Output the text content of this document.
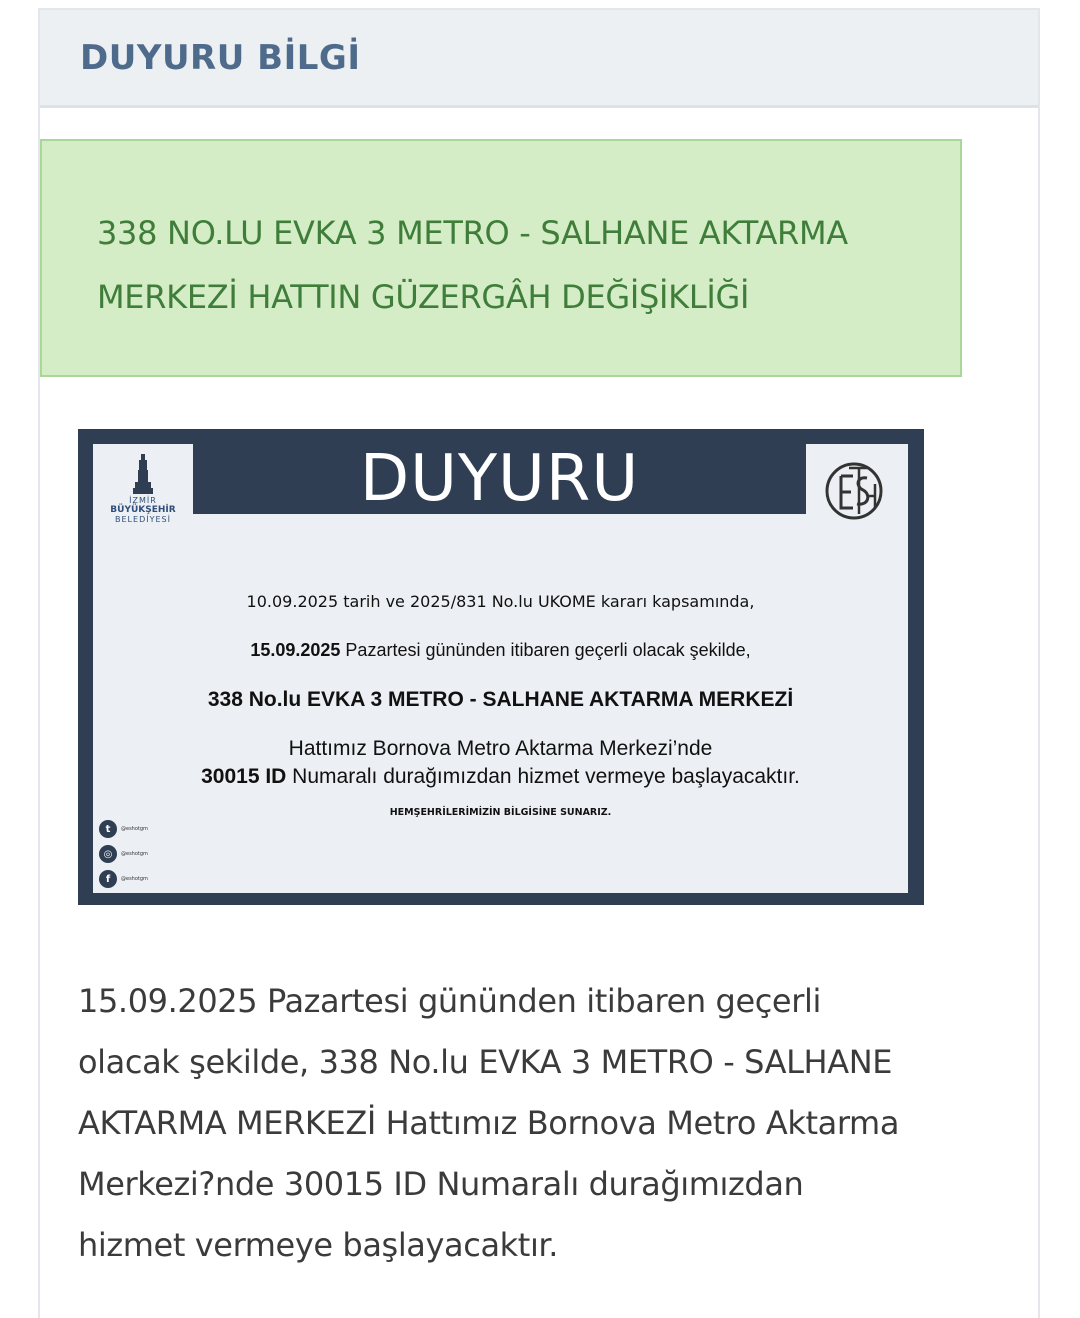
DUYURU BİLGİ

338 NO.LU EVKA 3 METRO - SALHANE AKTARMA MERKEZİ HATTIN GÜZERGÂH DEĞİŞİKLİĞİ

DUYURU
İZMİR
BÜYÜKŞEHİR
BELEDİYESİ
10.09.2025 tarih ve 2025/831 No.lu UKOME kararı kapsamında,
15.09.2025 Pazartesi gününden itibaren geçerli olacak şekilde,
338 No.lu EVKA 3 METRO - SALHANE AKTARMA MERKEZİ
Hattımız Bornova Metro Aktarma Merkezi’nde
30015 ID Numaralı durağımızdan hizmet vermeye başlayacaktır.
HEMŞEHRİLERİMİZİN BİLGİSİNE SUNARIZ.
t	@eshotgm
◎	@eshotgm
f	@eshotgm

15.09.2025 Pazartesi gününden itibaren geçerli olacak şekilde, 338 No.lu EVKA 3 METRO - SALHANE AKTARMA MERKEZİ Hattımız Bornova Metro Aktarma Merkezi?nde 30015 ID Numaralı durağımızdan hizmet vermeye başlayacaktır.
